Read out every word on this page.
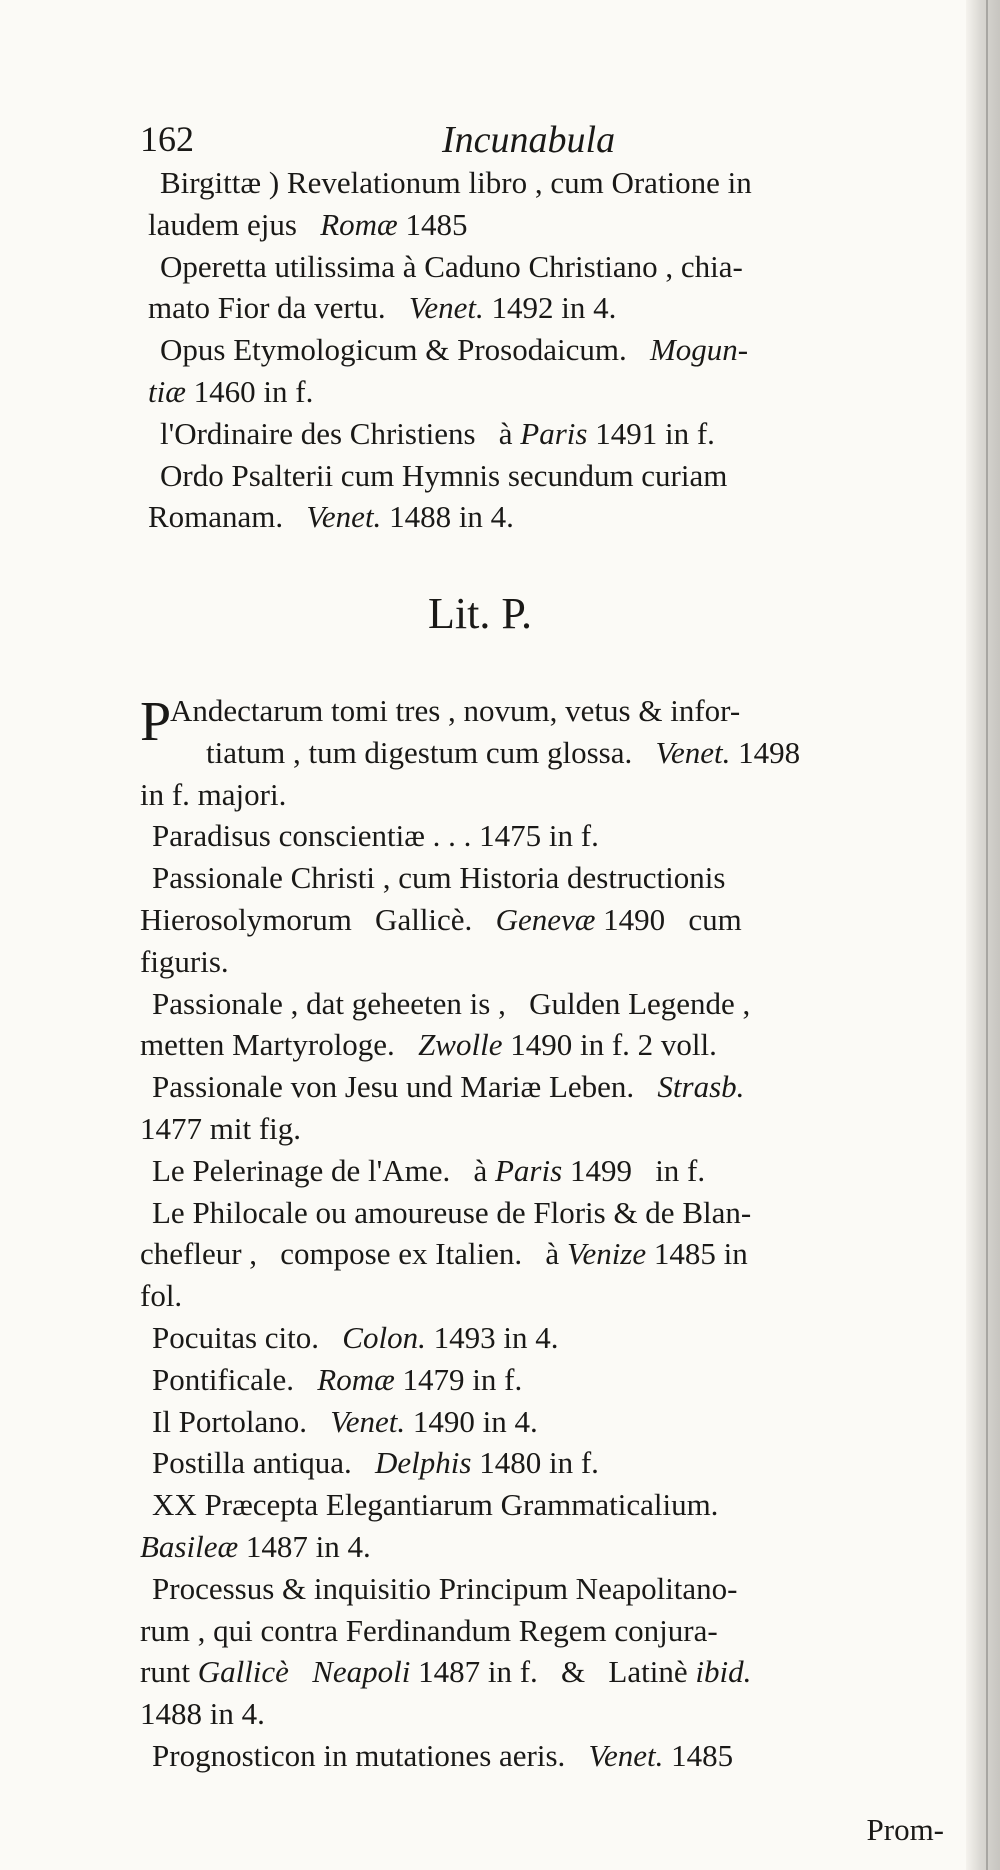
162	Incunabula
Birgittæ ) Revelationum libro , cum Oratione in
laudem ejus   Romæ 1485
Operetta utilissima à Caduno Christiano , chia-
mato Fior da vertu.   Venet. 1492 in 4.
Opus Etymologicum & Prosodaicum.   Mogun-
tiæ 1460 in f.
l'Ordinaire des Christiens   à Paris 1491 in f.
Ordo Psalterii cum Hymnis secundum curiam
Romanam.   Venet. 1488 in 4.
Lit. P.
P
Andectarum tomi tres , novum, vetus & infor-
tiatum , tum digestum cum glossa.   Venet. 1498
in f. majori.
Paradisus conscientiæ . . . 1475 in f.
Passionale Christi , cum Historia destructionis
Hierosolymorum   Gallicè.   Genevæ 1490   cum
figuris.
Passionale , dat geheeten is ,   Gulden Legende ,
metten Martyrologe.   Zwolle 1490 in f. 2 voll.
Passionale von Jesu und Mariæ Leben.   Strasb.
1477 mit fig.
Le Pelerinage de l'Ame.   à Paris 1499   in f.
Le Philocale ou amoureuse de Floris & de Blan-
chefleur ,   compose ex Italien.   à Venize 1485 in
fol.
Pocuitas cito.   Colon. 1493 in 4.
Pontificale.   Romæ 1479 in f.
Il Portolano.   Venet. 1490 in 4.
Postilla antiqua.   Delphis 1480 in f.
XX Præcepta Elegantiarum Grammaticalium.
Basileæ 1487 in 4.
Processus & inquisitio Principum Neapolitano-
rum , qui contra Ferdinandum Regem conjura-
runt Gallicè Neapoli 1487 in f.   &   Latinè ibid.
1488 in 4.
Prognosticon in mutationes aeris.   Venet. 1485
Prom-
